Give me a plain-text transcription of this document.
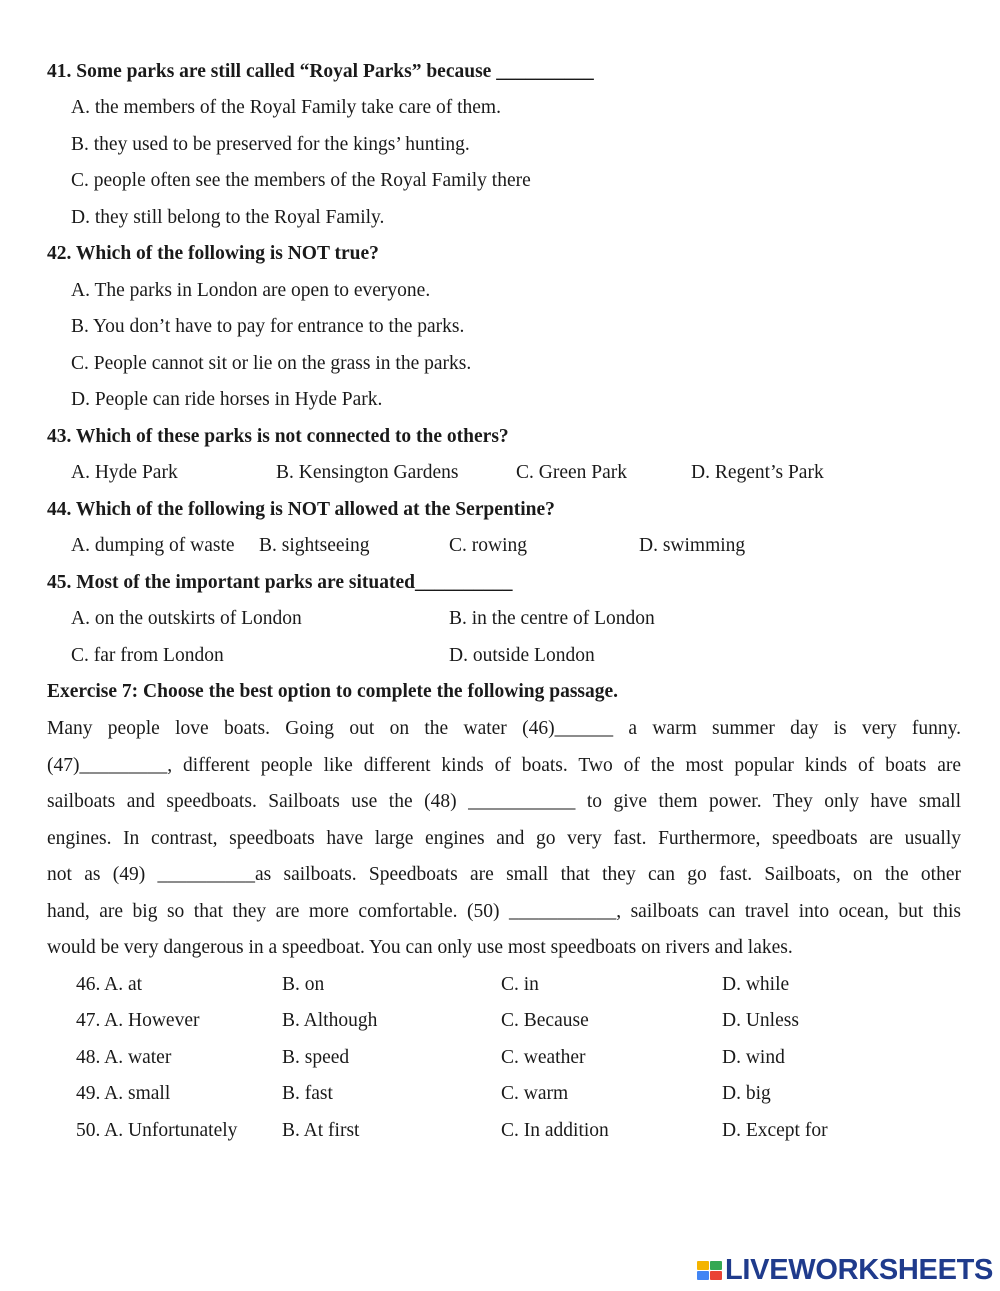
41. Some parks are still called “Royal Parks” because __________
A. the members of the Royal Family take care of them.
B. they used to be preserved for the kings’ hunting.
C. people often see the members of the Royal Family there
D. they still belong to the Royal Family.
42. Which of the following is NOT true?
A. The parks in London are open to everyone.
B. You don’t have to pay for entrance to the parks.
C. People cannot sit or lie on the grass in the parks.
D. People can ride horses in Hyde Park.
43. Which of these parks is not connected to the others?
A. Hyde Park	B. Kensington Gardens	C. Green Park	D. Regent’s Park
44. Which of the following is NOT allowed at the Serpentine?
A. dumping of waste B. sightseeing	C. rowing	D. swimming
45. Most of the important parks are situated__________
A. on the outskirts of London	B. in the centre of London
C. far from London	D. outside London
Exercise 7: Choose the best option to complete the following passage.
Many people love boats. Going out on the water (46)______ a warm summer day is very funny.
(47)_________, different people like different kinds of boats. Two of the most popular kinds of boats are
sailboats and speedboats. Sailboats use the (48) ___________ to give them power. They only have small
engines. In contrast, speedboats have large engines and go very fast. Furthermore, speedboats are usually
not as (49) __________as sailboats. Speedboats are small that they can go fast. Sailboats, on the other
hand, are big so that they are more comfortable. (50) ___________, sailboats can travel into ocean, but this
would be very dangerous in a speedboat. You can only use most speedboats on rivers and lakes.
46. A. at	B. on	C. in	D. while
47. A. However	B. Although	C. Because	D. Unless
48. A. water	B. speed	C. weather	D. wind
49. A. small	B. fast	C. warm	D. big
50. A. Unfortunately B. At first	C. In addition	D. Except for
LIVEWORKSHEETS
